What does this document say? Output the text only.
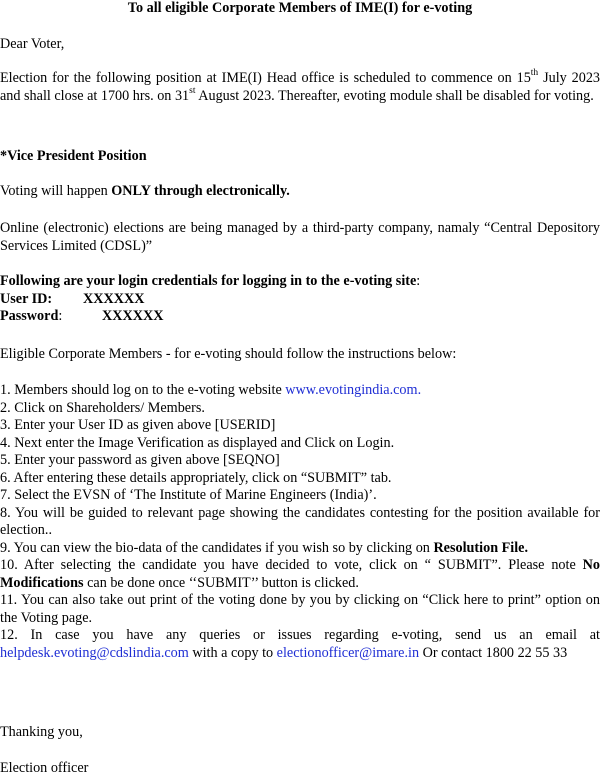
To all eligible Corporate Members of IME(I) for e-voting

Dear Voter,

Election for the following position at IME(I) Head office is scheduled to commence on 15th July 2023 and shall close at 1700 hrs. on 31st August 2023. Thereafter, evoting module shall be disabled for voting.

*Vice President Position

Voting will happen ONLY through electronically.

Online (electronic) elections are being managed by a third-party company, namaly “Central Depository Services Limited (CDSL)”

Following are your login credentials for logging in to the e-voting site:
User ID: XXXXXX
Password:	XXXXXX

Eligible Corporate Members - for e-voting should follow the instructions below:

1. Members should log on to the e-voting website www.evotingindia.com.
2. Click on Shareholders/ Members.
3. Enter your User ID as given above [USERID]
4. Next enter the Image Verification as displayed and Click on Login.
5. Enter your password as given above [SEQNO]
6. After entering these details appropriately, click on “SUBMIT” tab.
7. Select the EVSN of ‘The Institute of Marine Engineers (India)’.
8. You will be guided to relevant page showing the candidates contesting for the position available for election..
9. You can view the bio-data of the candidates if you wish so by clicking on Resolution File.
10. After selecting the candidate you have decided to vote, click on “ SUBMIT”. Please note No Modifications can be done once ‘‘SUBMIT’’ button is clicked.
11. You can also take out print of the voting done by you by clicking on “Click here to print” option on the Voting page.
12. In case you have any queries or issues regarding e-voting, send us an email at helpdesk.evoting@cdslindia.com with a copy to electionofficer@imare.in Or contact 1800 22 55 33

Thanking you,

Election officer
